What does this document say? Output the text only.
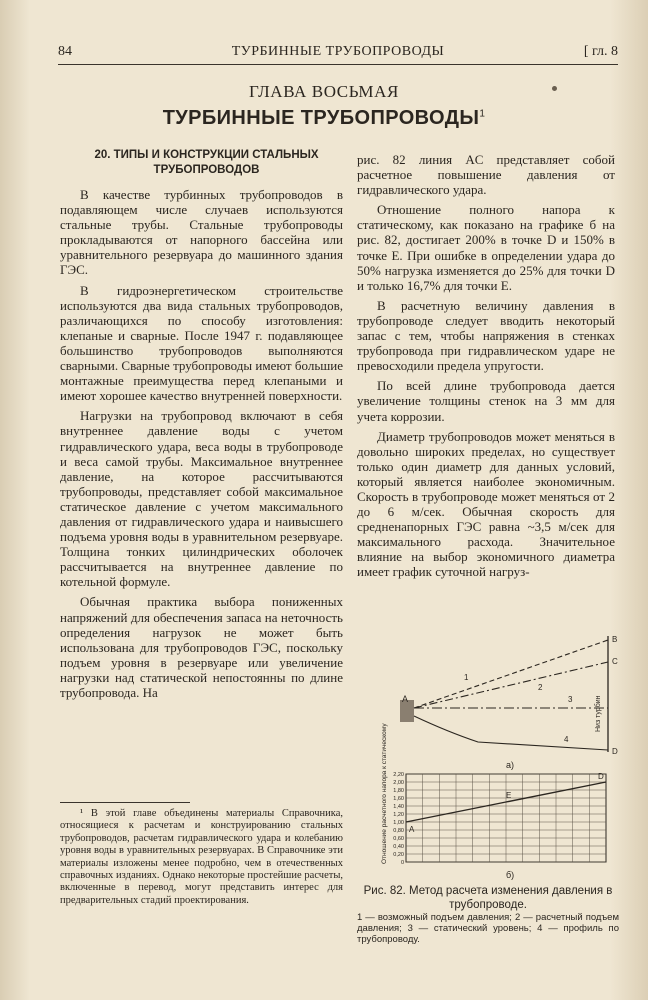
84	ТУРБИННЫЕ ТРУБОПРОВОДЫ	[ гл. 8
ГЛАВА ВОСЬМАЯ
ТУРБИННЫЕ ТРУБОПРОВОДЫ$^1$
20. ТИПЫ И КОНСТРУКЦИИ СТАЛЬНЫХ ТРУБОПРОВОДОВ

В качестве турбинных трубопроводов в подавляющем числе случаев используются стальные трубы. Стальные трубопроводы прокладываются от напорного бассейна или уравнительного резервуара до машинного здания ГЭС.

В гидроэнергетическом строительстве используются два вида стальных трубопроводов, различающихся по способу изготовления: клепаные и сварные. После 1947 г. подавляющее большинство трубопроводов выполняются сварными. Сварные трубопроводы имеют большие монтажные преимущества перед клепаными и имеют хорошее качество внутренней поверхности.

Нагрузки на трубопровод включают в себя внутреннее давление воды с учетом гидравлического удара, веса воды в трубопроводе и веса самой трубы. Максимальное внутреннее давление, на которое рассчитываются трубопроводы, представляет собой максимальное статическое давление с учетом максимального давления от гидравлического удара и наивысшего подъема уровня воды в уравнительном резервуаре. Толщина тонких цилиндрических оболочек рассчитывается на внутреннее давление по котельной формуле.

Обычная практика выбора пониженных напряжений для обеспечения запаса на неточность определения нагрузок не может быть использована для трубопроводов ГЭС, поскольку подъем уровня в резервуаре или увеличение нагрузки над статической непостоянны по длине трубопровода. На

¹ В этой главе объединены материалы Справочника, относящиеся к расчетам и конструированию стальных трубопроводов, расчетам гидравлического удара и колебанию уровня воды в уравнительных резервуарах. В Справочнике эти материалы изложены менее подробно, чем в отечественных справочных изданиях. Однако некоторые простейшие расчеты, включенные в перевод, могут представить интерес для предварительных стадий проектирования.

рис. 82 линия AC представляет собой расчетное повышение давления от гидравлического удара.

Отношение полного напора к статическому, как показано на графике б на рис. 82, достигает 200% в точке D и 150% в точке E. При ошибке в определении удара до 50% нагрузка изменяется до 25% для точки D и только 16,7% для точки E.

В расчетную величину давления в трубопроводе следует вводить некоторый запас с тем, чтобы напряжения в стенках трубопровода при гидравлическом ударе не превосходили предела упругости.

По всей длине трубопровода дается увеличение толщины стенок на 3 мм для учета коррозии.

Диаметр трубопроводов может меняться в довольно широких пределах, но существует только один диаметр для данных условий, который является наиболее экономичным. Скорость в трубопроводе может меняться от 2 до 6 м/сек. Обычная скорость для средненапорных ГЭС равна ~3,5 м/сек для максимального расхода. Значительное влияние на выбор экономичного диаметра имеет график суточной нагруз-

A
B
C
D
1
2
3
4
Низ турбин
а)
Отношение расчетного напора к статическому
б)
0
0,20
0,40
0,60
0,80
1,00
1,20
1,40
1,60
1,80
2,00
2,20
A
E
D
Рис. 82. Метод расчета изменения давления в трубопроводе.
1 — возможный подъем давления; 2 — расчетный подъем давления; 3 — статический уровень; 4 — профиль по трубопроводу.
